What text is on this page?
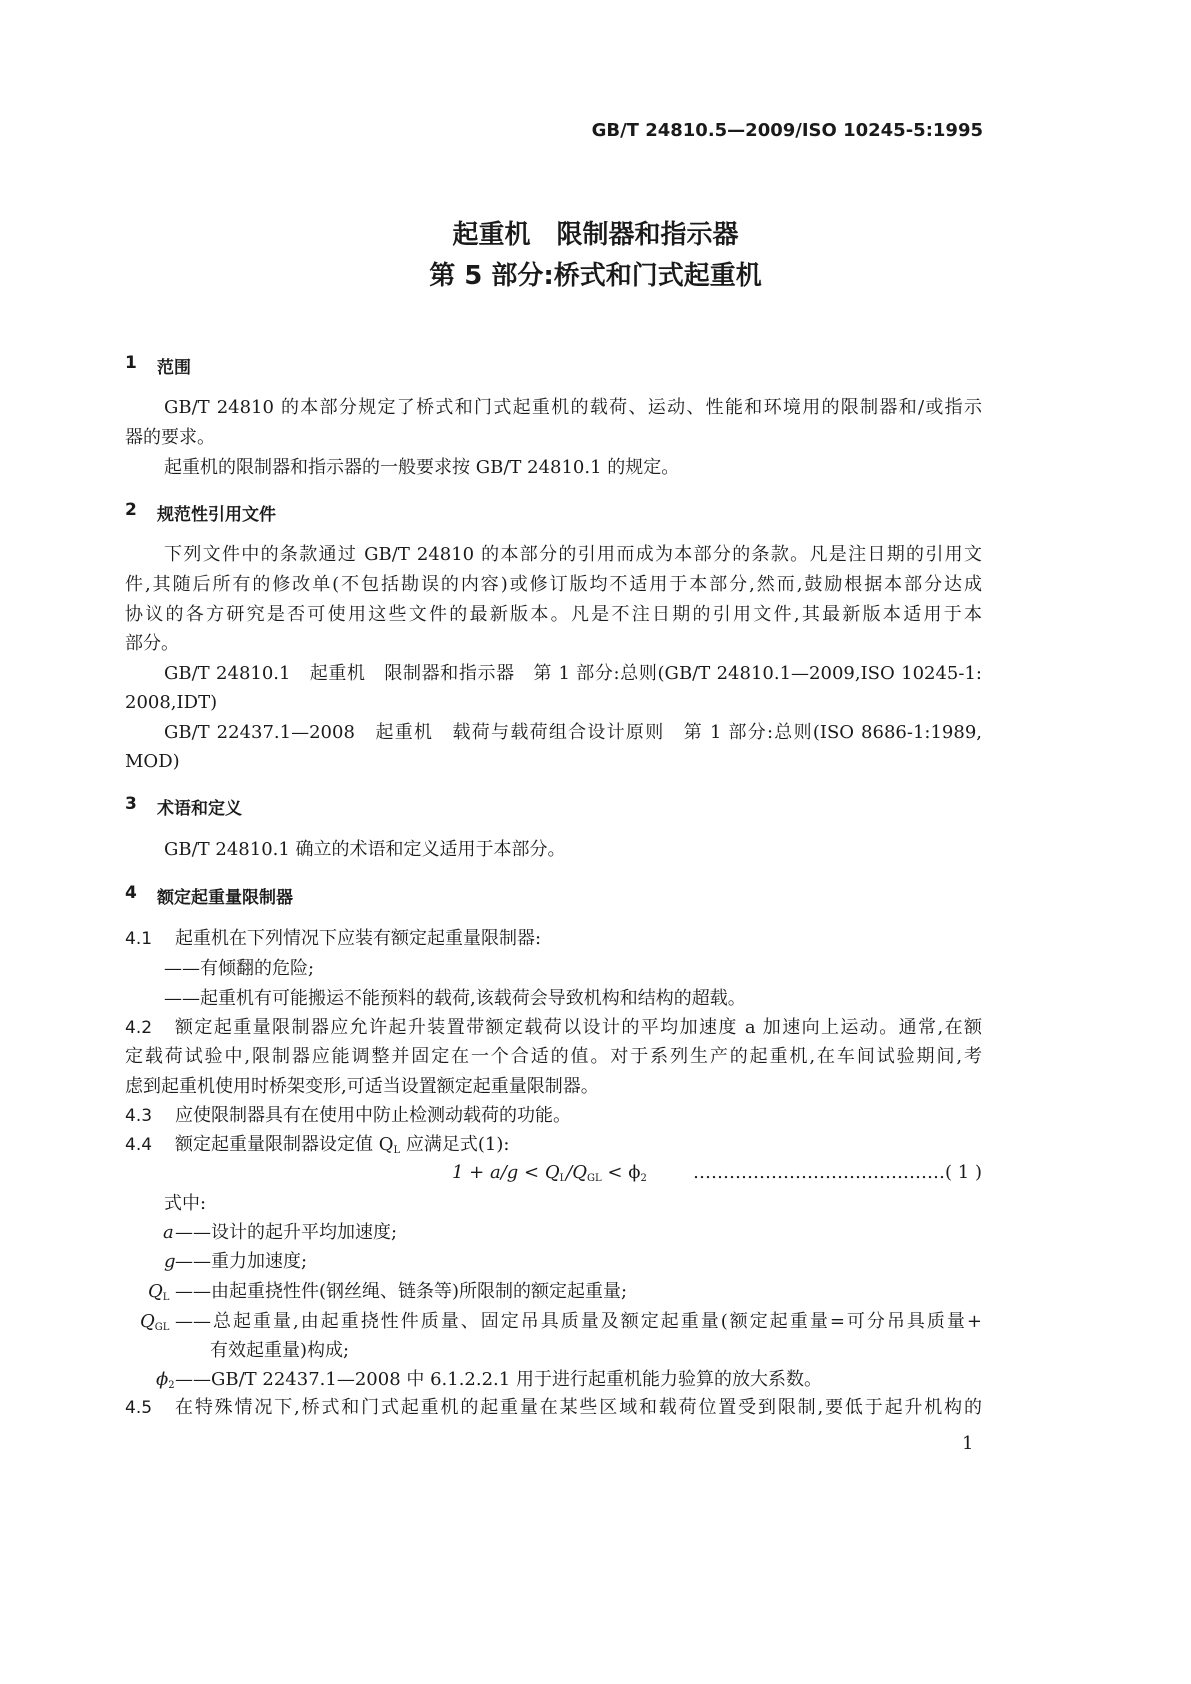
GB/T 24810.5—2009/ISO 10245-5:1995
起重机　限制器和指示器
第 5 部分:桥式和门式起重机
1 范围
GB/T 24810 的本部分规定了桥式和门式起重机的载荷、运动、性能和环境用的限制器和/或指示
器的要求。
起重机的限制器和指示器的一般要求按 GB/T 24810.1 的规定。
2 规范性引用文件
下列文件中的条款通过 GB/T 24810 的本部分的引用而成为本部分的条款。凡是注日期的引用文
件,其随后所有的修改单(不包括勘误的内容)或修订版均不适用于本部分,然而,鼓励根据本部分达成
协议的各方研究是否可使用这些文件的最新版本。凡是不注日期的引用文件,其最新版本适用于本
部分。
GB/T 24810.1　起重机　限制器和指示器　第 1 部分:总则(GB/T 24810.1—2009,ISO 10245-1:
2008,IDT)
GB/T 22437.1—2008　起重机　载荷与载荷组合设计原则　第 1 部分:总则(ISO 8686-1:1989,
MOD)
3 术语和定义
GB/T 24810.1 确立的术语和定义适用于本部分。
4 额定起重量限制器
4.1 起重机在下列情况下应装有额定起重量限制器:
——有倾翻的危险;
——起重机有可能搬运不能预料的载荷,该载荷会导致机构和结构的超载。
4.2 额定起重量限制器应允许起升装置带额定载荷以设计的平均加速度 a 加速向上运动。通常,在额
定载荷试验中,限制器应能调整并固定在一个合适的值。对于系列生产的起重机,在车间试验期间,考
虑到起重机使用时桥架变形,可适当设置额定起重量限制器。
4.3 应使限制器具有在使用中防止检测动载荷的功能。
4.4 额定起重量限制器设定值 $Q_L$ 应满足式(1):
$1 + a/g < Q_L/Q_{GL} < \phi_2$	……………………………………( 1 )
式中:
a ——设计的起升平均加速度;
g ——重力加速度;
$Q_L$ ——由起重挠性件(钢丝绳、链条等)所限制的额定起重量;
$Q_{GL}$ ——总起重量,由起重挠性件质量、固定吊具质量及额定起重量(额定起重量=可分吊具质量+
有效起重量)构成;
$\phi_2$ ——GB/T 22437.1—2008 中 6.1.2.2.1 用于进行起重机能力验算的放大系数。
4.5 在特殊情况下,桥式和门式起重机的起重量在某些区域和载荷位置受到限制,要低于起升机构的
1
